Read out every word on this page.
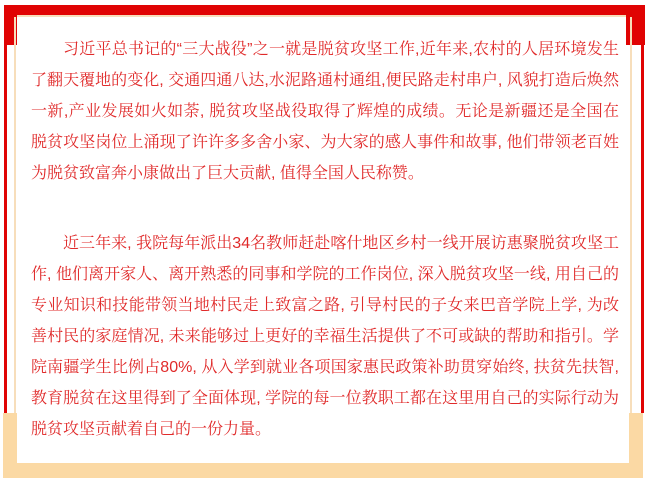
习近平总书记的“三大战役”之一就是脱贫攻坚工作,近年来,农村的人居环境发生了翻天覆地的变化, 交通四通八达,水泥路通村通组,便民路走村串户, 风貌打造后焕然一新,产业发展如火如荼, 脱贫攻坚战役取得了辉煌的成绩。无论是新疆还是全国在脱贫攻坚岗位上涌现了许许多多舍小家、为大家的感人事件和故事, 他们带领老百姓为脱贫致富奔小康做出了巨大贡献, 值得全国人民称赞。

近三年来, 我院每年派出34名教师赶赴喀什地区乡村一线开展访惠聚脱贫攻坚工作, 他们离开家人、离开熟悉的同事和学院的工作岗位, 深入脱贫攻坚一线, 用自己的专业知识和技能带领当地村民走上致富之路, 引导村民的子女来巴音学院上学, 为改善村民的家庭情况, 未来能够过上更好的幸福生活提供了不可或缺的帮助和指引。学院南疆学生比例占80%, 从入学到就业各项国家惠民政策补助贯穿始终, 扶贫先扶智, 教育脱贫在这里得到了全面体现, 学院的每一位教职工都在这里用自己的实际行动为脱贫攻坚贡献着自己的一份力量。
